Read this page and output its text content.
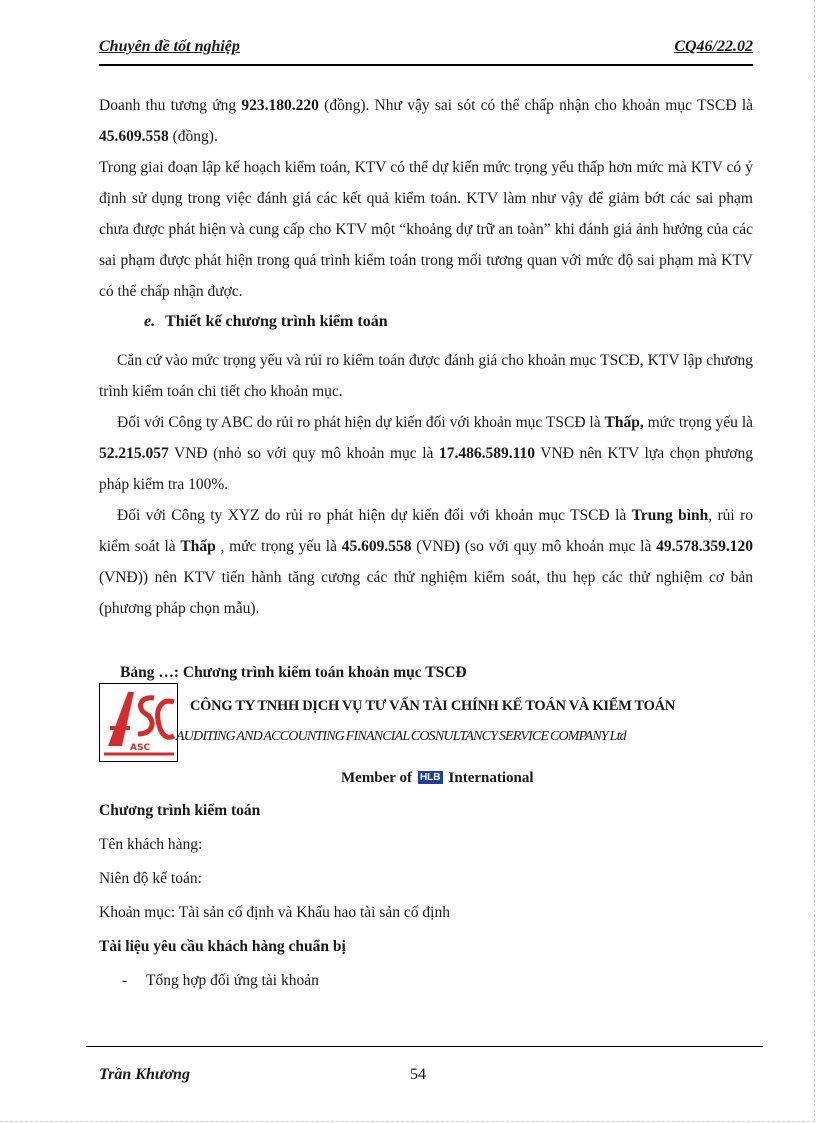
Chuyên đề tốt nghiệp	CQ46/22.02

Doanh thu tương ứng 923.180.220 (đồng). Như vậy sai sót có thể chấp nhận cho khoản mục TSCĐ là 45.609.558 (đồng).

Trong giai đoạn lập kế hoạch kiểm toán, KTV có thể dự kiến mức trọng yếu thấp hơn mức mà KTV có ý định sử dụng trong việc đánh giá các kết quả kiểm toán. KTV làm như vậy để giảm bớt các sai phạm chưa được phát hiện và cung cấp cho KTV một “khoảng dự trữ an toàn” khi đánh giá ảnh hưởng của các sai phạm được phát hiện trong quá trình kiểm toán trong mối tương quan với mức độ sai phạm mà KTV có thể chấp nhận được.

e. Thiết kế chương trình kiểm toán

Căn cứ vào mức trọng yếu và rủi ro kiểm toán được đánh giá cho khoản mục TSCĐ, KTV lập chương trình kiểm toán chi tiết cho khoản mục.

Đối với Công ty ABC do rủi ro phát hiện dự kiến đối với khoản mục TSCĐ là Thấp, mức trọng yếu là 52.215.057 VNĐ (nhỏ so với quy mô khoản mục là 17.486.589.110 VNĐ nên KTV lựa chọn phương pháp kiểm tra 100%.

Đối với Công ty XYZ do rủi ro phát hiện dự kiến đối với khoản mục TSCĐ là Trung bình, rủi ro kiểm soát là Thấp , mức trọng yếu là 45.609.558 (VNĐ) (so với quy mô khoản mục là 49.578.359.120 (VNĐ)) nên KTV tiến hành tăng cương các thử nghiệm kiểm soát, thu hẹp các thử nghiệm cơ bản (phương pháp chọn mẫu).

Bảng …: Chương trình kiểm toán khoản mục TSCĐ
ASC
CÔNG TY TNHH DỊCH VỤ TƯ VẤN TÀI CHÍNH KẾ TOÁN VÀ KIỂM TOÁN
AUDITING AND ACCOUNTING FINANCIAL COSNULTANCY SERVICE COMPANY Ltd
Member of HLB International
Chương trình kiểm toán
Tên khách hàng:
Niên độ kế toán:
Khoản mục: Tài sản cố định và Khấu hao tài sản cố định
Tài liệu yêu cầu khách hàng chuẩn bị
- Tổng hợp đối ứng tài khoản
Trần Khương	54
